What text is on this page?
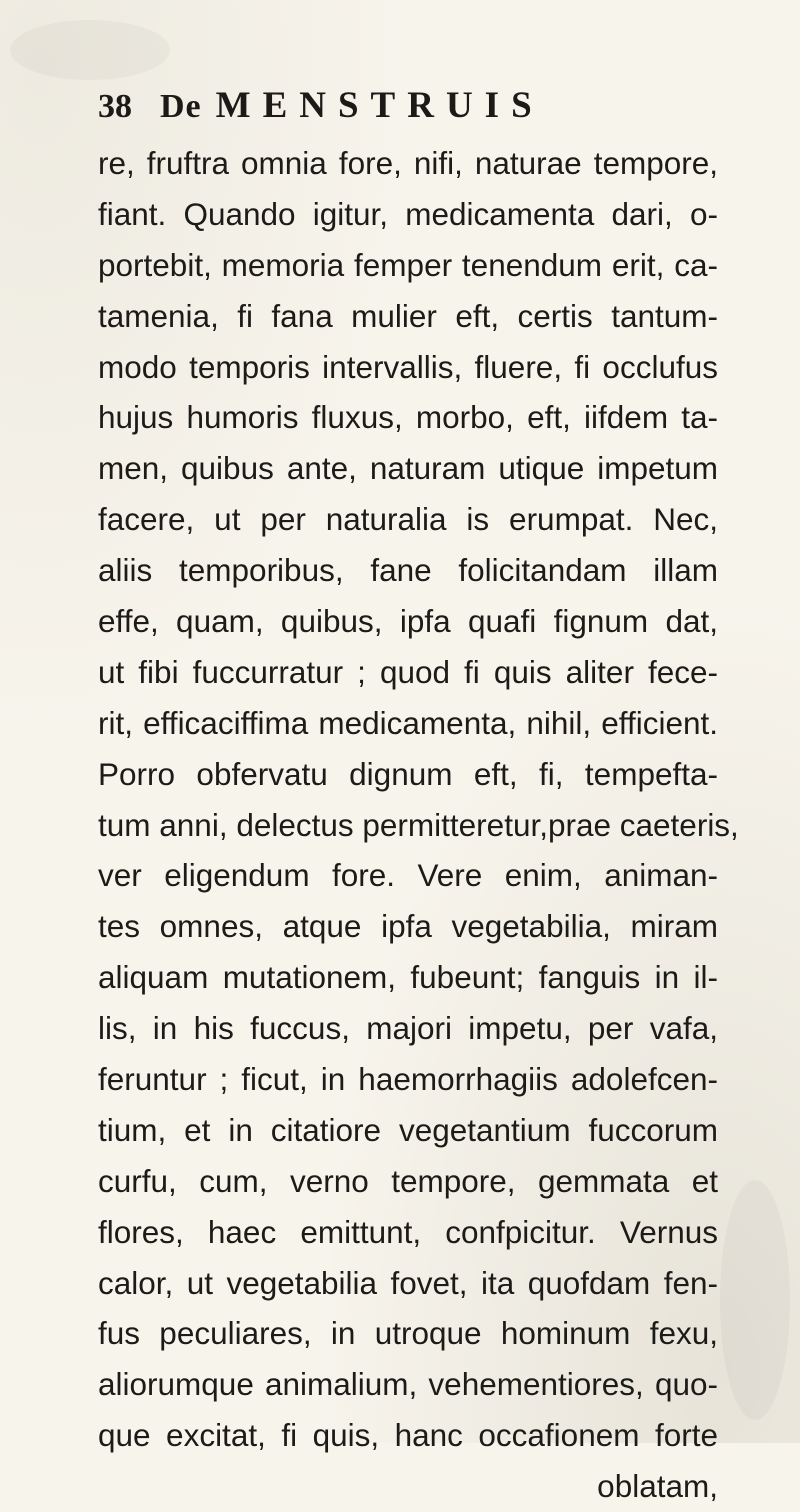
38 De MENSTRUIS
re, fruftra omnia fore, nifi, naturae tempore,
fiant. Quando igitur, medicamenta dari, o-
portebit, memoria femper tenendum erit, ca-
tamenia, fi fana mulier eft, certis tantum-
modo temporis intervallis, fluere, fi occlufus
hujus humoris fluxus, morbo, eft, iifdem ta-
men, quibus ante, naturam utique impetum
facere, ut per naturalia is erumpat. Nec,
aliis temporibus, fane folicitandam illam
effe, quam, quibus, ipfa quafi fignum dat,
ut fibi fuccurratur ; quod fi quis aliter fece-
rit, efficaciffima medicamenta, nihil, efficient.
Porro obfervatu dignum eft, fi, tempefta-
tum anni, delectus permitteretur,prae caeteris,
ver eligendum fore. Vere enim, animan-
tes omnes, atque ipfa vegetabilia, miram
aliquam mutationem, fubeunt; fanguis in il-
lis, in his fuccus, majori impetu, per vafa,
feruntur ; ficut, in haemorrhagiis adolefcen-
tium, et in citatiore vegetantium fuccorum
curfu, cum, verno tempore, gemmata et
flores, haec emittunt, confpicitur. Vernus
calor, ut vegetabilia fovet, ita quofdam fen-
fus peculiares, in utroque hominum fexu,
aliorumque animalium, vehementiores, quo-
que excitat, fi quis, hanc occafionem forte
oblatam,
